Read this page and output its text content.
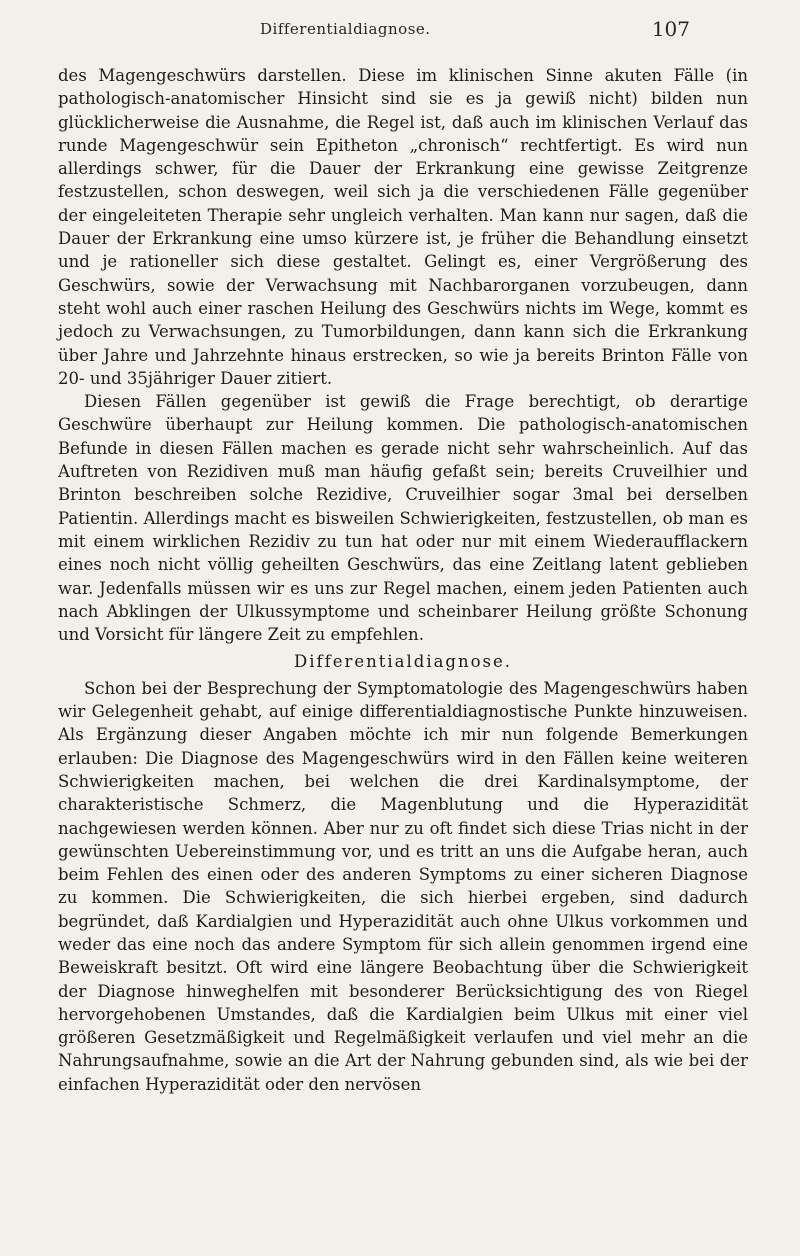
Differentialdiagnose.	107

des Magengeschwürs darstellen. Diese im klinischen Sinne akuten Fälle (in pathologisch-anatomischer Hinsicht sind sie es ja gewiß nicht) bilden nun glücklicherweise die Ausnahme, die Regel ist, daß auch im klinischen Verlauf das runde Magengeschwür sein Epitheton „chronisch“ rechtfertigt. Es wird nun allerdings schwer, für die Dauer der Erkrankung eine gewisse Zeitgrenze festzustellen, schon deswegen, weil sich ja die verschiedenen Fälle gegenüber der eingeleiteten Therapie sehr ungleich verhalten. Man kann nur sagen, daß die Dauer der Erkrankung eine umso kürzere ist, je früher die Behandlung einsetzt und je rationeller sich diese gestaltet. Gelingt es, einer Vergrößerung des Geschwürs, sowie der Verwachsung mit Nachbarorganen vorzubeugen, dann steht wohl auch einer raschen Heilung des Geschwürs nichts im Wege, kommt es jedoch zu Verwachsungen, zu Tumorbildungen, dann kann sich die Erkrankung über Jahre und Jahrzehnte hinaus erstrecken, so wie ja bereits Brinton Fälle von 20- und 35jähriger Dauer zitiert.

Diesen Fällen gegenüber ist gewiß die Frage berechtigt, ob derartige Geschwüre überhaupt zur Heilung kommen. Die pathologisch-anatomischen Befunde in diesen Fällen machen es gerade nicht sehr wahrscheinlich. Auf das Auftreten von Rezidiven muß man häufig gefaßt sein; bereits Cruveilhier und Brinton beschreiben solche Rezidive, Cruveilhier sogar 3mal bei derselben Patientin. Allerdings macht es bisweilen Schwierigkeiten, festzustellen, ob man es mit einem wirklichen Rezidiv zu tun hat oder nur mit einem Wiederaufflackern eines noch nicht völlig geheilten Geschwürs, das eine Zeitlang latent geblieben war. Jedenfalls müssen wir es uns zur Regel machen, einem jeden Patienten auch nach Abklingen der Ulkussymptome und scheinbarer Heilung größte Schonung und Vorsicht für längere Zeit zu empfehlen.

Differentialdiagnose.

Schon bei der Besprechung der Symptomatologie des Magengeschwürs haben wir Gelegenheit gehabt, auf einige differentialdiagnostische Punkte hinzuweisen. Als Ergänzung dieser Angaben möchte ich mir nun folgende Bemerkungen erlauben: Die Diagnose des Magengeschwürs wird in den Fällen keine weiteren Schwierigkeiten machen, bei welchen die drei Kardinalsymptome, der charakteristische Schmerz, die Magenblutung und die Hyperazidität nachgewiesen werden können. Aber nur zu oft findet sich diese Trias nicht in der gewünschten Uebereinstimmung vor, und es tritt an uns die Aufgabe heran, auch beim Fehlen des einen oder des anderen Symptoms zu einer sicheren Diagnose zu kommen. Die Schwierigkeiten, die sich hierbei ergeben, sind dadurch begründet, daß Kardialgien und Hyperazidität auch ohne Ulkus vorkommen und weder das eine noch das andere Symptom für sich allein genommen irgend eine Beweiskraft besitzt. Oft wird eine längere Beobachtung über die Schwierigkeit der Diagnose hinweghelfen mit besonderer Berücksichtigung des von Riegel hervorgehobenen Umstandes, daß die Kardialgien beim Ulkus mit einer viel größeren Gesetzmäßigkeit und Regelmäßigkeit verlaufen und viel mehr an die Nahrungsaufnahme, sowie an die Art der Nahrung gebunden sind, als wie bei der einfachen Hyperazidität oder den nervösen
